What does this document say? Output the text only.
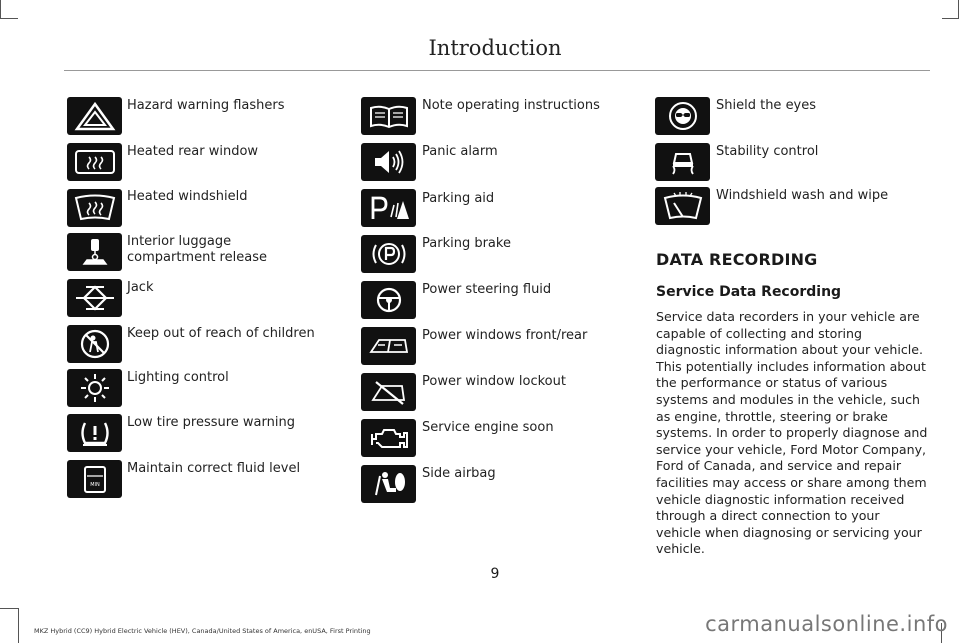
Introduction
Hazard warning flashers
Heated rear window
Heated windshield
Interior luggage compartment release
Jack
Keep out of reach of children
Lighting control
Low tire pressure warning
MIN
Maintain correct fluid level
Note operating instructions
Panic alarm
Parking aid
Parking brake
Power steering fluid
Power windows front/rear
Power window lockout
Service engine soon
Side airbag
Shield the eyes
Stability control
Windshield wash and wipe
DATA RECORDING
Service Data Recording
Service data recorders in your vehicle are capable of collecting and storing diagnostic information about your vehicle. This potentially includes information about the performance or status of various systems and modules in the vehicle, such as engine, throttle, steering or brake systems. In order to properly diagnose and service your vehicle, Ford Motor Company, Ford of Canada, and service and repair facilities may access or share among them vehicle diagnostic information received through a direct connection to your vehicle when diagnosing or servicing your vehicle.
9
MKZ Hybrid (CC9) Hybrid Electric Vehicle (HEV), Canada/United States of America, enUSA, First Printing	carmanualsonline.info
